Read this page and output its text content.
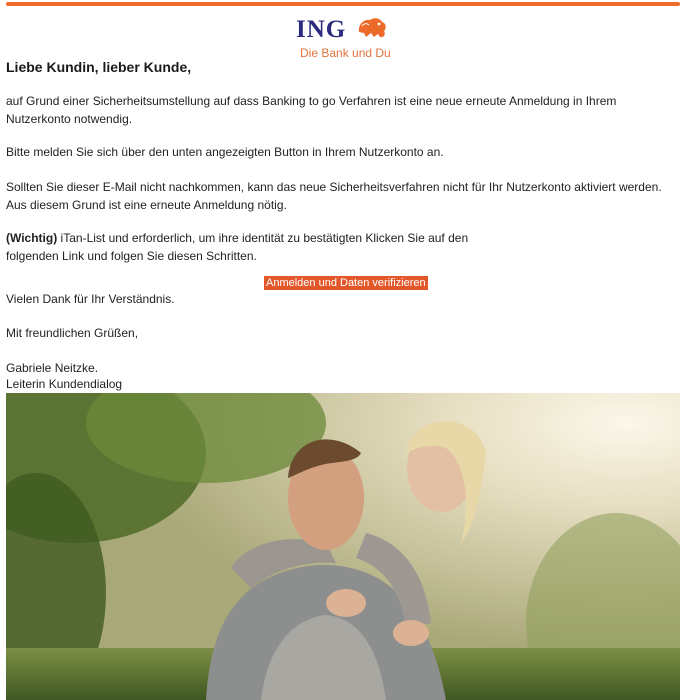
ING
Die Bank und Du
Liebe Kundin, lieber Kunde,
auf Grund einer Sicherheitsumstellung auf dass Banking to go Verfahren ist eine neue erneute Anmeldung in Ihrem Nutzerkonto notwendig.
Bitte melden Sie sich über den unten angezeigten Button in Ihrem Nutzerkonto an.
Sollten Sie dieser E-Mail nicht nachkommen, kann das neue Sicherheitsverfahren nicht für Ihr Nutzerkonto aktiviert werden. Aus diesem Grund ist eine erneute Anmeldung nötig.
(Wichtig) iTan-List und erforderlich, um ihre identität zu bestätigten Klicken Sie auf den
folgenden Link und folgen Sie diesen Schritten.
Anmelden und Daten verifizieren
Vielen Dank für Ihr Verständnis.
Mit freundlichen Grüßen,
Gabriele Neitzke.
Leiterin Kundendialog
